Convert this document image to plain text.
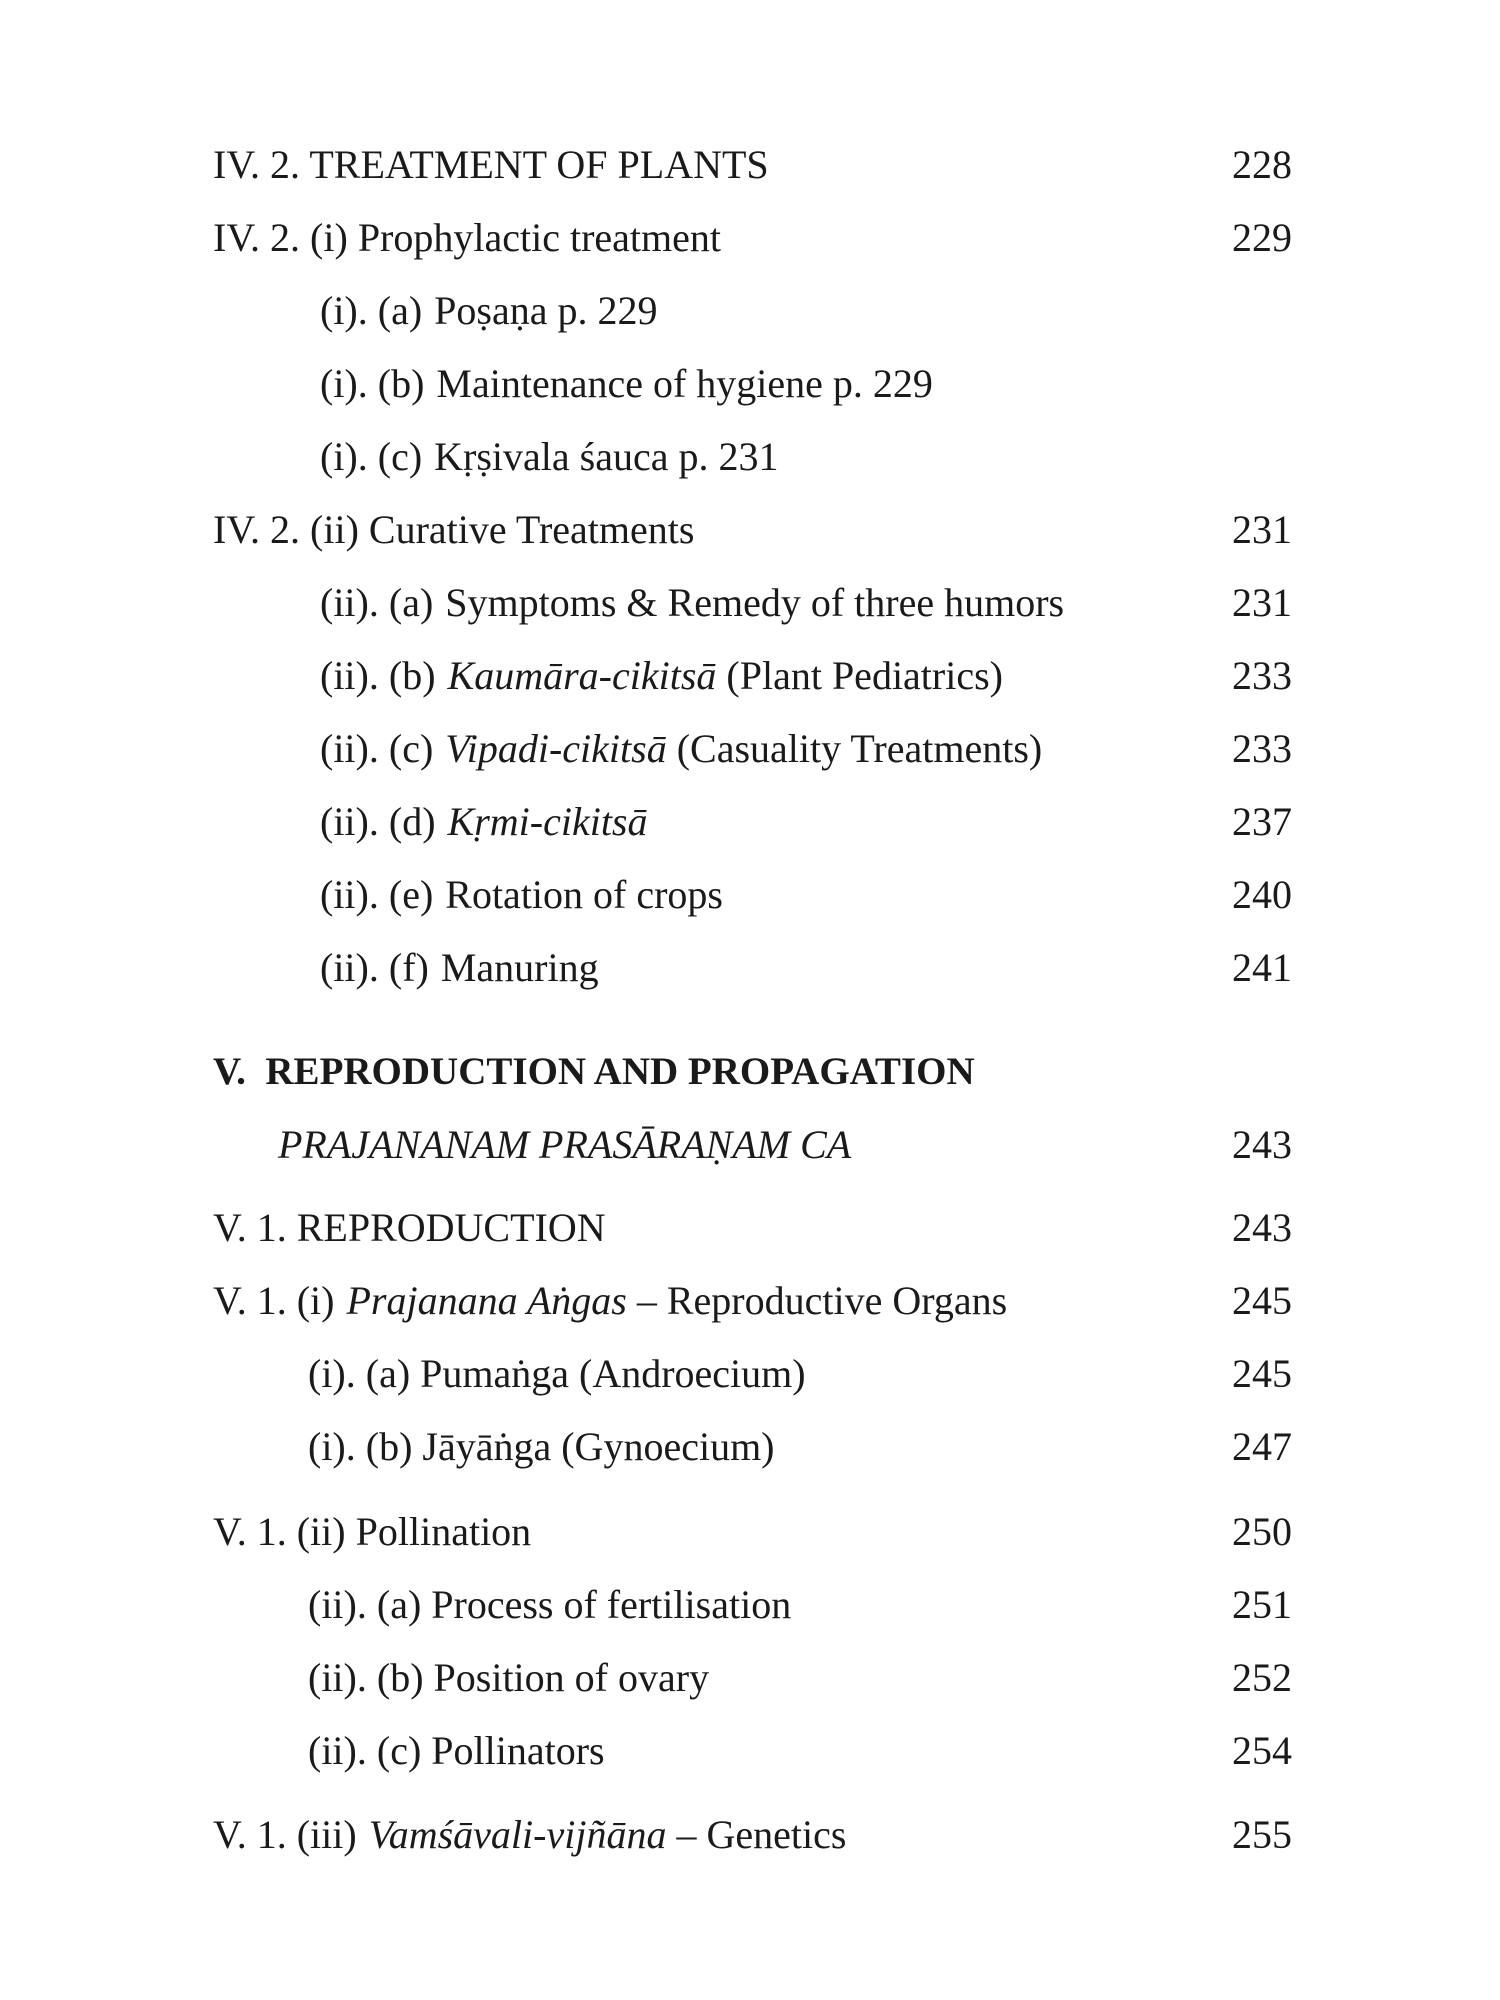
IV. 2. TREATMENT OF PLANTS	228
IV. 2. (i) Prophylactic treatment	229
(i). (a) Poṣaṇa p. 229
(i). (b) Maintenance of hygiene p. 229
(i). (c) Kṛṣivala śauca p. 231
IV. 2. (ii) Curative Treatments	231
(ii). (a) Symptoms & Remedy of three humors	231
(ii). (b) Kaumāra-cikitsā (Plant Pediatrics)	233
(ii). (c) Vipadi-cikitsā (Casuality Treatments)	233
(ii). (d) Kṛmi-cikitsā	237
(ii). (e) Rotation of crops	240
(ii). (f) Manuring	241
V. REPRODUCTION AND PROPAGATION
PRAJANANAM PRASĀRAṆAM CA	243
V. 1. REPRODUCTION	243
V. 1. (i) Prajanana Aṅgas – Reproductive Organs	245
(i). (a) Pumaṅga (Androecium)	245
(i). (b) Jāyāṅga (Gynoecium)	247
V. 1. (ii) Pollination	250
(ii). (a) Process of fertilisation	251
(ii). (b) Position of ovary	252
(ii). (c) Pollinators	254
V. 1. (iii) Vamśāvali-vijñāna – Genetics	255
